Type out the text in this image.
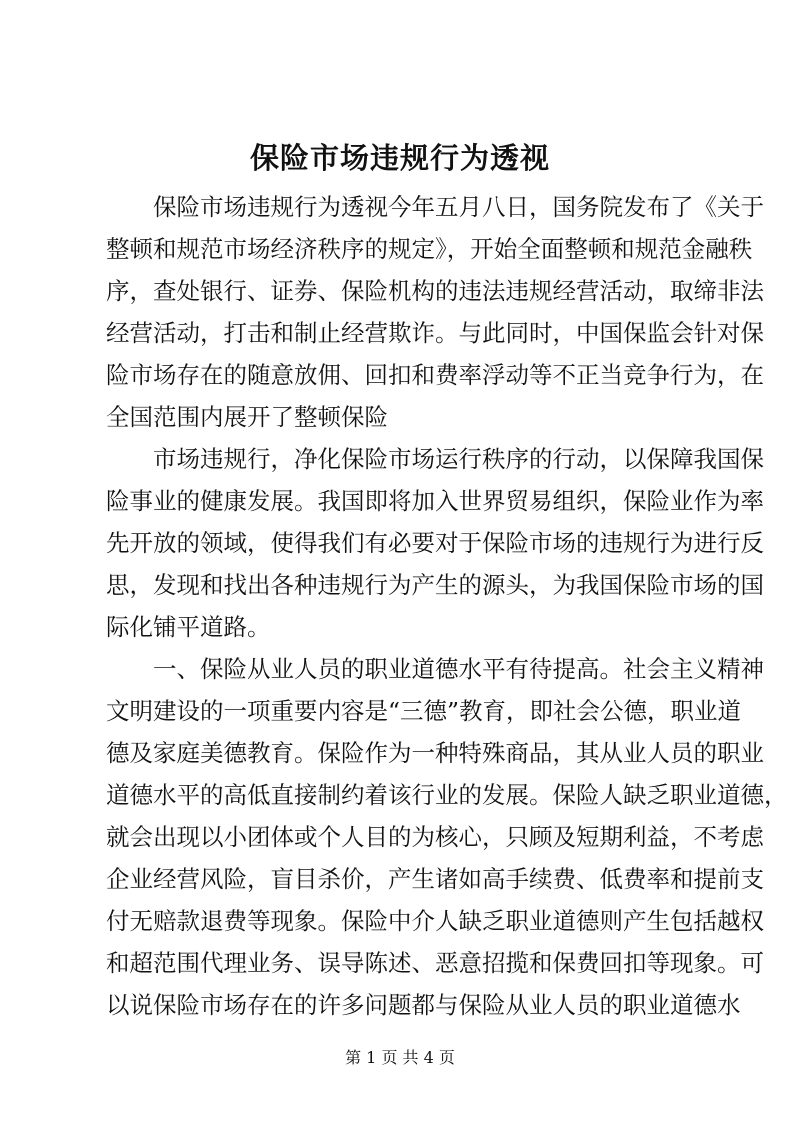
保险市场违规行为透视
保险市场违规行为透视今年五月八日，国务院发布了《关于
整顿和规范市场经济秩序的规定》，开始全面整顿和规范金融秩
序，查处银行、证券、保险机构的违法违规经营活动，取缔非法
经营活动，打击和制止经营欺诈。与此同时，中国保监会针对保
险市场存在的随意放佣、回扣和费率浮动等不正当竞争行为，在
全国范围内展开了整顿保险
市场违规行，净化保险市场运行秩序的行动，以保障我国保
险事业的健康发展。我国即将加入世界贸易组织，保险业作为率
先开放的领域，使得我们有必要对于保险市场的违规行为进行反
思，发现和找出各种违规行为产生的源头，为我国保险市场的国
际化铺平道路。
一、保险从业人员的职业道德水平有待提高。社会主义精神
文明建设的一项重要内容是“三德”教育，即社会公德，职业道
德及家庭美德教育。保险作为一种特殊商品，其从业人员的职业
道德水平的高低直接制约着该行业的发展。保险人缺乏职业道德，
就会出现以小团体或个人目的为核心，只顾及短期利益，不考虑
企业经营风险，盲目杀价，产生诸如高手续费、低费率和提前支
付无赔款退费等现象。保险中介人缺乏职业道德则产生包括越权
和超范围代理业务、误导陈述、恶意招揽和保费回扣等现象。可
以说保险市场存在的许多问题都与保险从业人员的职业道德水
第 1 页 共 4 页
